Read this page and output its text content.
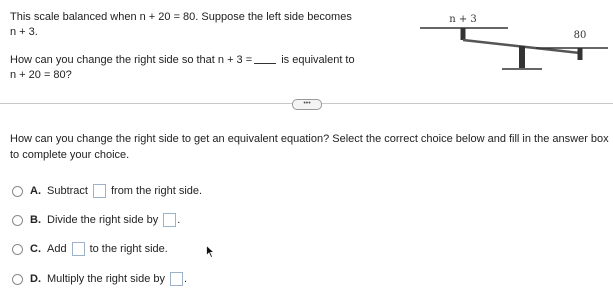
This scale balanced when n + 20 = 80. Suppose the left side becomes
n + 3.
How can you change the right side so that n + 3 =	is equivalent to
n + 20 = 80?
n + 3
80
•••
How can you change the right side to get an equivalent equation? Select the correct choice below and fill in the answer box to complete your choice.
A. Subtract from the right side.
B. Divide the right side by .
C. Add to the right side.
D. Multiply the right side by .
